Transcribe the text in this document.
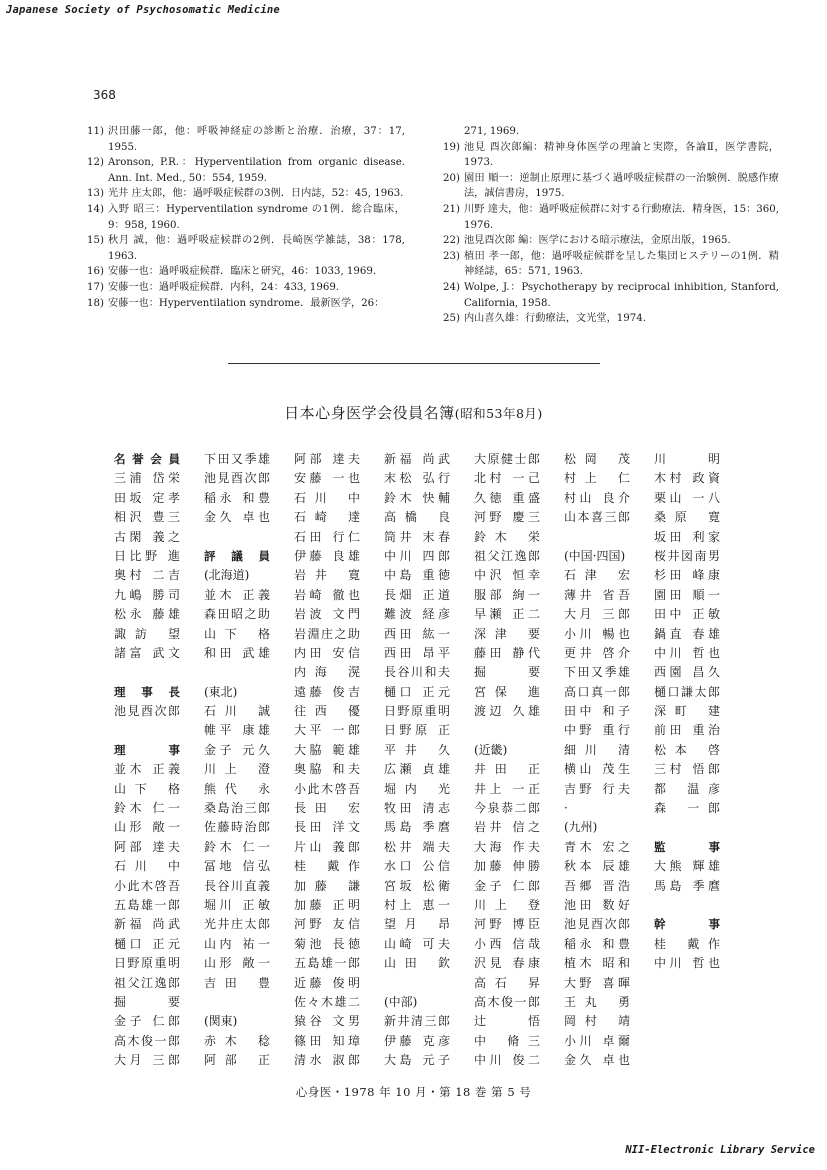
Japanese Society of Psychosomatic Medicine
368
11) 沢田藤一郎，他：呼吸神経症の診断と治療．治療，37：17, 1955.
12) Aronson, P.R.：Hyperventilation from organic disease. Ann. Int. Med., 50：554, 1959.
13) 光井 庄太郎，他：過呼吸症候群の3例．日内誌，52：45, 1963.
14) 入野 昭三：Hyperventilation syndrome の1例．総合臨床，9：958, 1960.
15) 秋月 誠，他：過呼吸症候群の2例．長崎医学雑誌，38：178, 1963.
16) 安藤一也：過呼吸症候群．臨床と研究，46：1033, 1969.
17) 安藤一也：過呼吸症候群．内科，24：433, 1969.
18) 安藤一也：Hyperventilation syndrome．最新医学，26：
271, 1969.
19) 池見 酉次郎編：精神身体医学の理論と実際，各論Ⅱ，医学書院，1973.
20) 園田 順一：逆制止原理に基づく過呼吸症候群の一治験例．脱感作療法，誠信書房，1975.
21) 川野 達夫，他：過呼吸症候群に対する行動療法．精身医，15：360, 1976.
22) 池見酉次郎 編：医学における暗示療法，金原出版，1965.
23) 植田 孝一郎，他：過呼吸症候群を呈した集団ヒステリーの1例．精神経誌，65：571, 1963.
24) Wolpe, J.：Psychotherapy by reciprocal inhibition, Stanford, California, 1958.
25) 内山喜久雄：行動療法，文光堂，1974.
日本心身医学会役員名簿(昭和53年8月)
名誉会員
三浦 岱栄
田坂 定孝
相沢 豊三
古閑 義之
日比野 進
奥村 二吉
九嶋 勝司
松永 藤雄
諏訪 望
諸富 武文
理事長
池見酉次郎
理事
並木 正義
山下 格
鈴木 仁一
山形 敞一
阿部 達夫
石川 中
小此木啓吾
五島雄一郎
新福 尚武
樋口 正元
日野原重明
祖父江逸郎
掘 要
金子 仁郎
高木俊一郎
大月 三郎
下田又季雄
池見酉次郎
稲永 和豊
金久 卓也
評議員
(北海道)
並木 正義
森田昭之助
山下 格
和田 武雄
(東北)
石川 誠
帷平 康雄
金子 元久
川上 澄
熊代 永
桑島治三郎
佐藤時治郎
鈴木 仁一
冨地 信弘
長谷川直義
堀川 正敏
光井庄太郎
山内 祐一
山形 敞一
吉田 豊
(関東)
赤木 稔
阿部 正
阿部 達夫
安藤 一也
石川 中
石崎 達
石田 行仁
伊藤 良雄
岩井 寛
岩崎 徹也
岩波 文門
岩淵庄之助
内田 安信
内海 滉
遠藤 俊吉
往西 優
大平 一郎
大脇 範雄
奥脇 和夫
小此木啓吾
長田 宏
長田 洋文
片山 義郎
桂 戴作
加藤 謙
加藤 正明
河野 友信
菊池 長徳
五島雄一郎
近藤 俊明
佐々木雄二
猿谷 文男
篠田 知璋
清水 淑郎
新福 尚武
末松 弘行
鈴木 快輔
高橋 良
筒井 末春
中川 四郎
中島 重徳
長畑 正道
難波 経彦
西田 紘一
西田 昂平
長谷川和夫
樋口 正元
日野原重明
日野原 正
平井 久
広瀬 貞雄
堀内 光
牧田 清志
馬島 季麿
松井 端夫
水口 公信
宮坂 松衛
村上 恵一
望月 昂
山崎 可夫
山田 欽
(中部)
新井清三郎
伊藤 克彦
大島 元子
大原健士郎
北村 一己
久徳 重盛
河野 慶三
鈴木 栄
祖父江逸郎
中沢 恒幸
服部 絢一
早瀬 正二
深津 要
藤田 静代
掘 要
宮保 進
渡辺 久雄
(近畿)
井田 正
井上 一正
今泉恭二郎
岩井 信之
大海 作夫
加藤 伸勝
金子 仁郎
川上 登
河野 博臣
小西 信哉
沢見 春康
高石 昇
高木俊一郎
辻 悟
中 脩三
中川 俊二
松岡 茂
村上 仁
村山 良介
山本喜三郎
(中国·四国)
石津 宏
薄井 省吾
大月 三郎
小川 暢也
更井 啓介
下田又季雄
高口真一郎
田中 和子
中野 重行
細川 清
横山 茂生
吉野 行夫
·
(九州)
青木 宏之
秋本 辰雄
吾郷 晋浩
池田 数好
池見酉次郎
稲永 和豊
植木 昭和
大野 喜暉
王丸 勇
岡村 靖
小川 卓爾
金久 卓也
川 明
木村 政資
栗山 一八
桑原 寛
坂田 利家
桜井図南男
杉田 峰康
園田 順一
田中 正敏
鍋直 春雄
中川 哲也
西園 昌久
樋口謙太郎
深町 建
前田 重治
松本 啓
三村 悟郎
都 温彦
森 一郎
監事
大熊 輝雄
馬島 季麿
幹事
桂 戴作
中川 哲也
心身医・1978 年 10 月・第 18 巻 第 5 号
NII-Electronic Library Service
